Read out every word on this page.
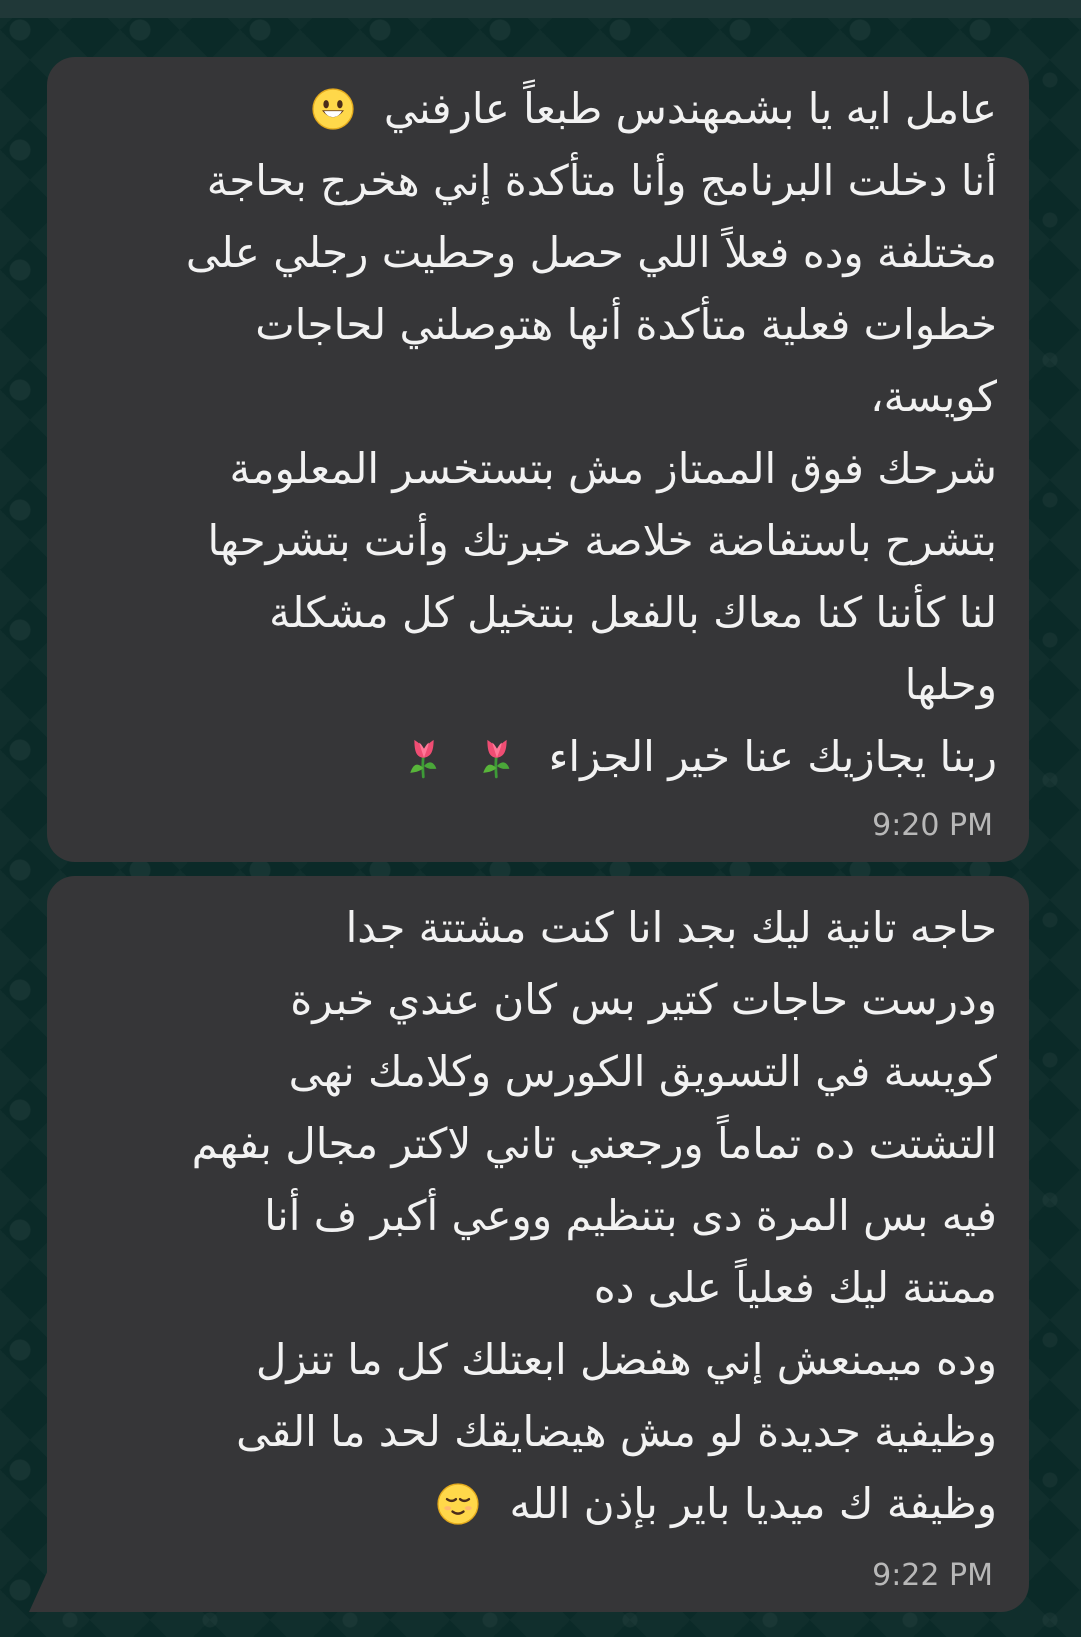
عامل ايه يا بشمهندس طبعاً عارفني
أنا دخلت البرنامج وأنا متأكدة إني هخرج بحاجة
مختلفة وده فعلاً اللي حصل وحطيت رجلي على
خطوات فعلية متأكدة أنها هتوصلني لحاجات
كويسة،
شرحك فوق الممتاز مش بتستخسر المعلومة
بتشرح باستفاضة خلاصة خبرتك وأنت بتشرحها
لنا كأننا كنا معاك بالفعل بنتخيل كل مشكلة
وحلها
ربنا يجازيك عنا خير الجزاء
9:20 PM
حاجه تانية ليك بجد انا كنت مشتتة جدا
ودرست حاجات كتير بس كان عندي خبرة
كويسة في التسويق الكورس وكلامك نهى
التشتت ده تماماً ورجعني تاني لاكتر مجال بفهم
فيه بس المرة دى بتنظيم ووعي أكبر ف أنا
ممتنة ليك فعلياً على ده
وده ميمنعش إني هفضل ابعتلك كل ما تنزل
وظيفية جديدة لو مش هيضايقك لحد ما القى
وظيفة ك ميديا باير بإذن الله
9:22 PM
